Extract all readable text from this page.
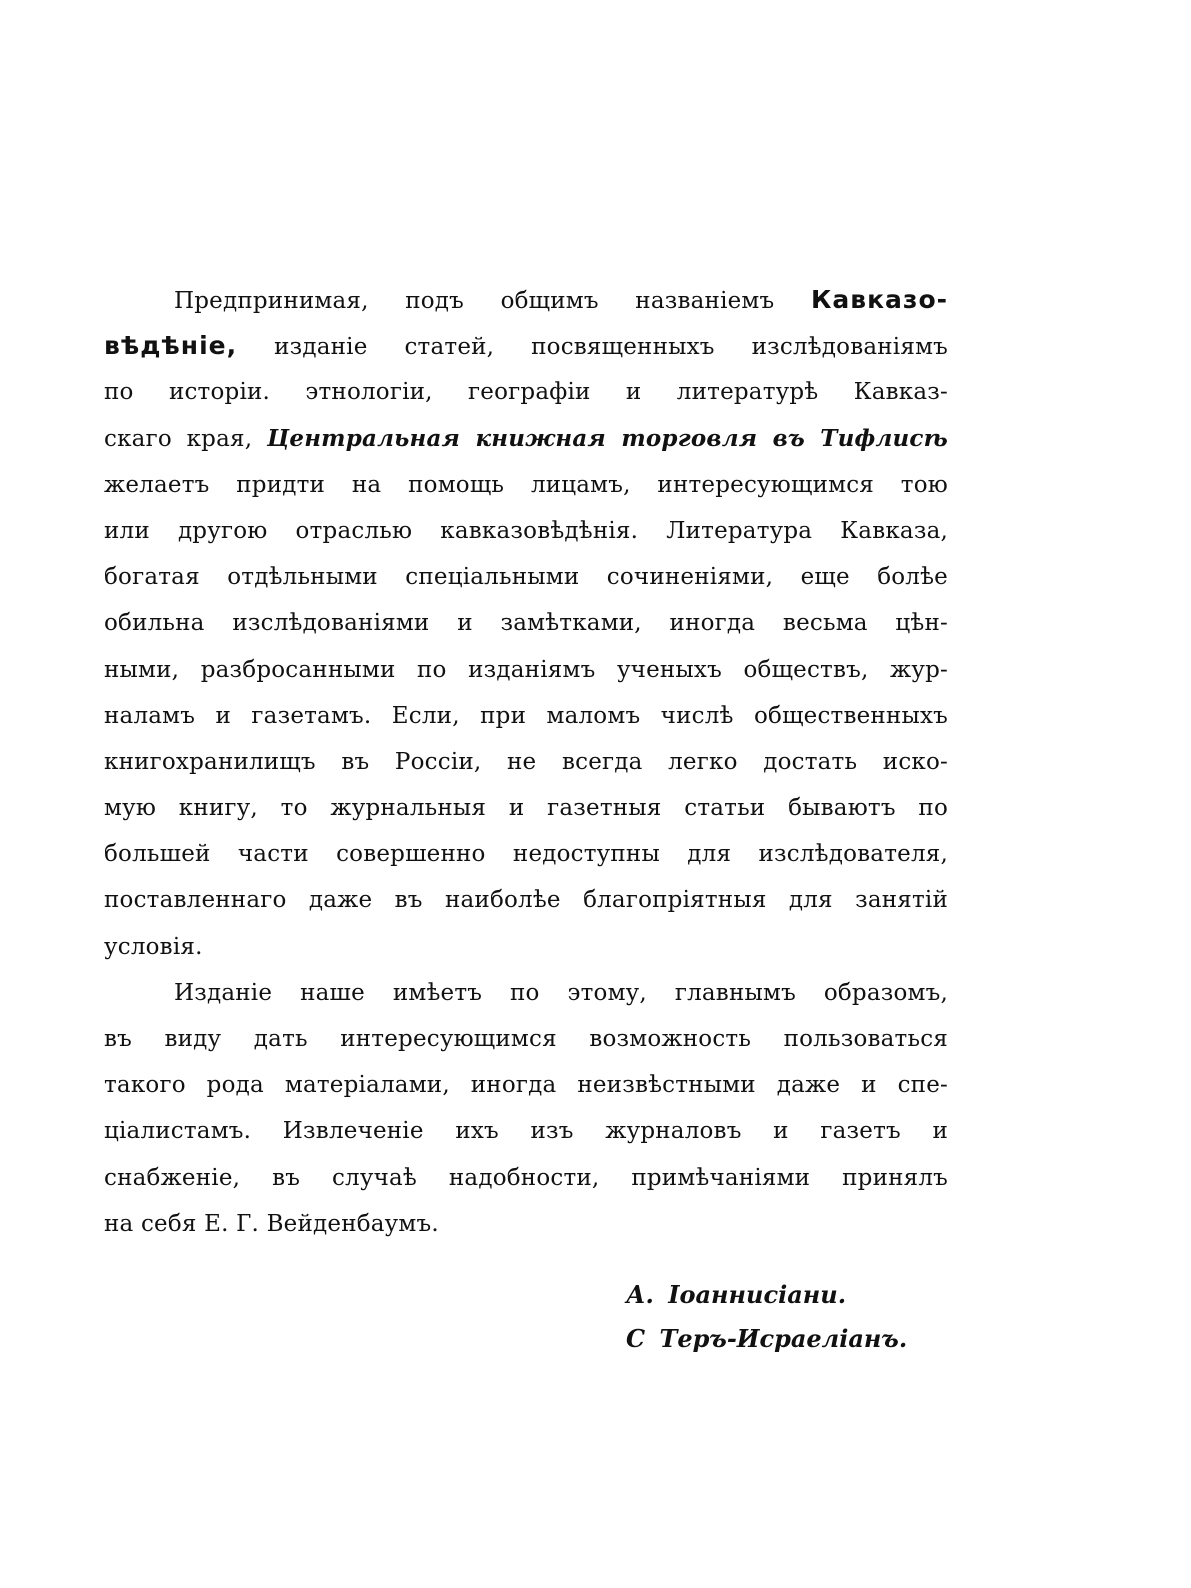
Предпринимая, подъ общимъ названіемъ Кавказо-
вѣдѣніе, изданіе статей, посвященныхъ изслѣдованіямъ
по исторіи. этнологіи, географіи и литературѣ Кавказ-
скаго края, Центральная книжная торговля въ Тифлисѣ
желаетъ придти на помощь лицамъ, интересующимся тою
или другою отраслью кавказовѣдѣнія. Литература Кавказа,
богатая отдѣльными спеціальными сочиненіями, еще болѣе
обильна изслѣдованіями и замѣтками, иногда весьма цѣн-
ными, разбросанными по изданіямъ ученыхъ обществъ, жур-
наламъ и газетамъ. Если, при маломъ числѣ общественныхъ
книгохранилищъ въ Россіи, не всегда легко достать иско-
мую книгу, то журнальныя и газетныя статьи бываютъ по
большей части совершенно недоступны для изслѣдователя,
поставленнаго даже въ наиболѣе благопріятныя для занятій
условія.
Изданіе наше имѣетъ по этому, главнымъ образомъ,
въ виду дать интересующимся возможность пользоваться
такого рода матеріалами, иногда неизвѣстными даже и спе-
ціалистамъ. Извлеченіе ихъ изъ журналовъ и газетъ и
снабженіе, въ случаѣ надобности, примѣчаніями принялъ
на себя Е. Г. Вейденбаумъ.
А. Іоаннисіани.
С Теръ-Исраеліанъ.
